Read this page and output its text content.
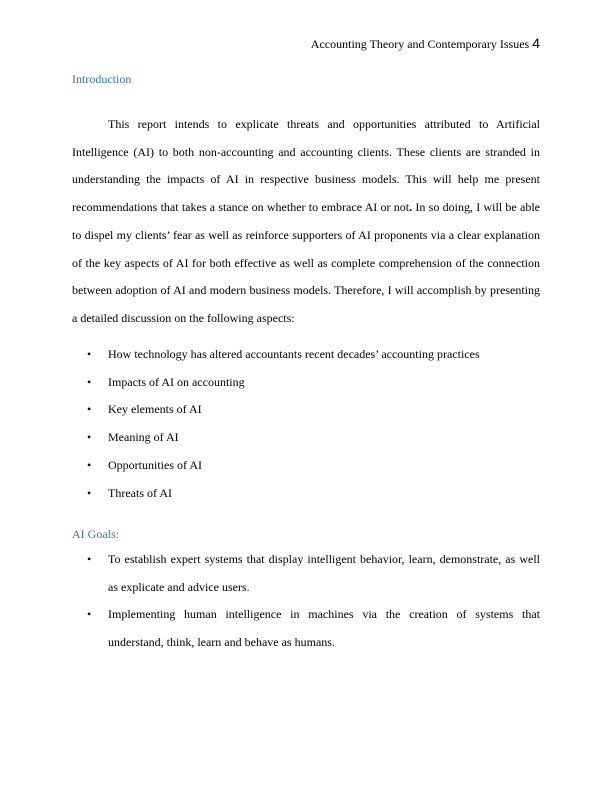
Accounting Theory and Contemporary Issues 4
Introduction

This report intends to explicate threats and opportunities attributed to Artificial Intelligence (AI) to both non-accounting and accounting clients. These clients are stranded in understanding the impacts of AI in respective business models. This will help me present recommendations that takes a stance on whether to embrace AI or not. In so doing, I will be able to dispel my clients’ fear as well as reinforce supporters of AI proponents via a clear explanation of the key aspects of AI for both effective as well as complete comprehension of the connection between adoption of AI and modern business models. Therefore, I will accomplish by presenting a detailed discussion on the following aspects:

• How technology has altered accountants recent decades’ accounting practices
• Impacts of AI on accounting
• Key elements of AI
• Meaning of AI
• Opportunities of AI
• Threats of AI
AI Goals:
• To establish expert systems that display intelligent behavior, learn, demonstrate, as well as explicate and advice users.
• Implementing human intelligence in machines via the creation of systems that understand, think, learn and behave as humans.
